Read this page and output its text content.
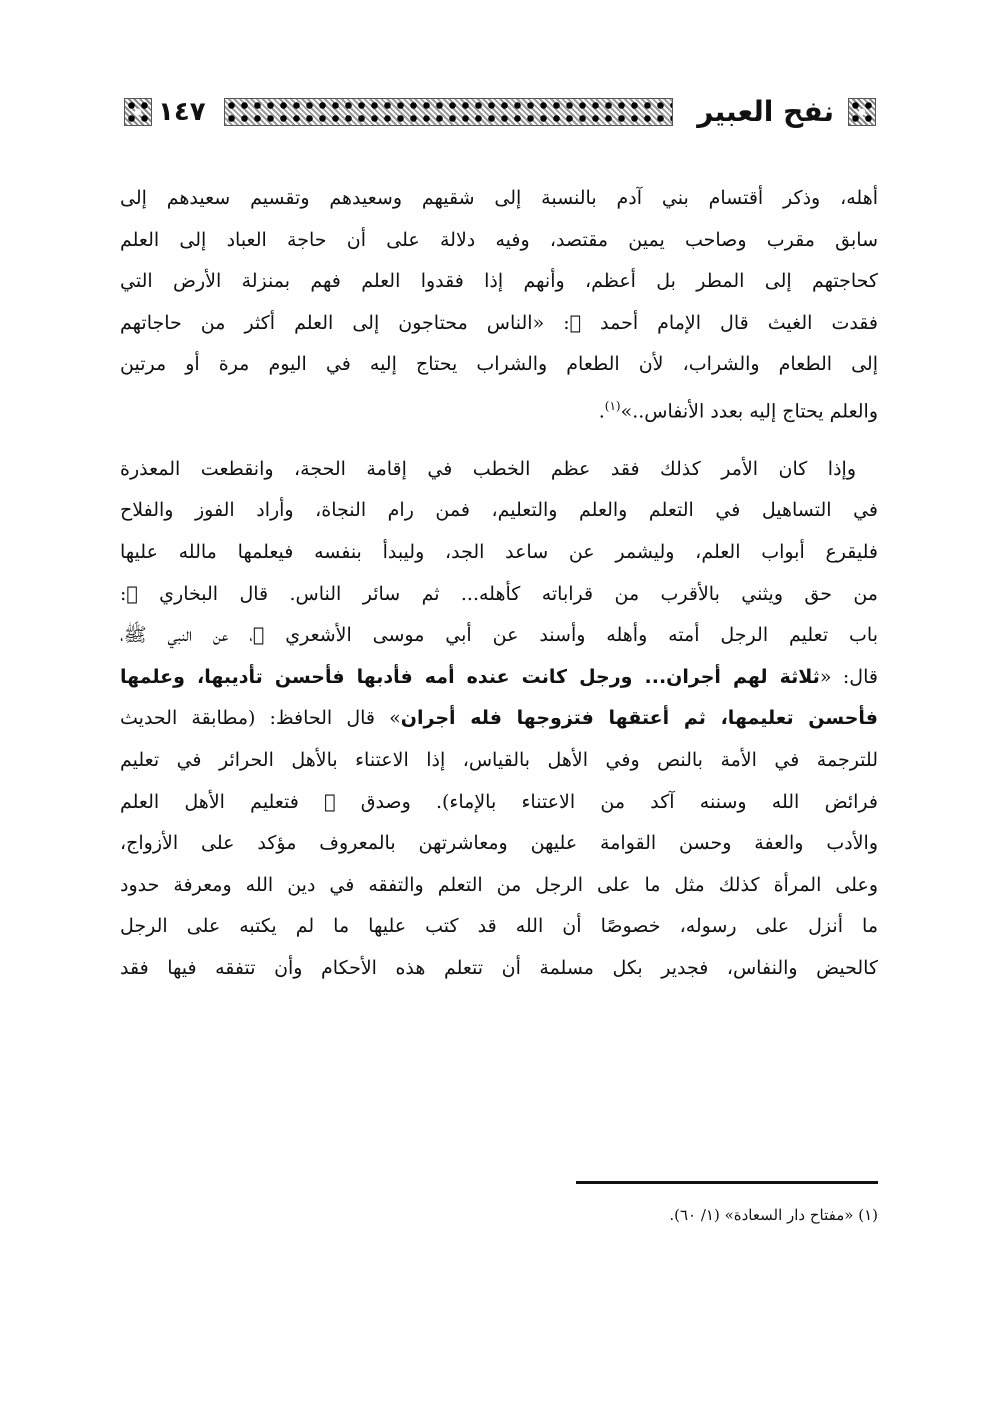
نفح العبير
١٤٧

أهله، وذكر أقتسام بني آدم بالنسبة إلى شقيهم وسعيدهم وتقسيم سعيدهم إلى
سابق مقرب وصاحب يمين مقتصد، وفيه دلالة على أن حاجة العباد إلى العلم
كحاجتهم إلى المطر بل أعظم، وأنهم إذا فقدوا العلم فهم بمنزلة الأرض التي
فقدت الغيث قال الإمام أحمد ﷬: «الناس محتاجون إلى العلم أكثر من حاجاتهم
إلى الطعام والشراب، لأن الطعام والشراب يحتاج إليه في اليوم مرة أو مرتين
والعلم يحتاج إليه بعدد الأنفاس..»$^{(١)}$.

وإذا كان الأمر كذلك فقد عظم الخطب في إقامة الحجة، وانقطعت المعذرة
في التساهيل في التعلم والعلم والتعليم، فمن رام النجاة، وأراد الفوز والفلاح
فليقرع أبواب العلم، وليشمر عن ساعد الجد، وليبدأ بنفسه فيعلمها مالله عليها
من حق ويثني بالأقرب من قراباته كأهله... ثم سائر الناس. قال البخاري ﷬:
باب تعليم الرجل أمته وأهله وأسند عن أبي موسى الأشعري ﷠، عن النبي ﷺ،
قال: «ثلاثة لهم أجران... ورجل كانت عنده أمه فأدبها فأحسن تأديبها، وعلمها
فأحسن تعليمها، ثم أعتقها فتزوجها فله أجران» قال الحافظ: (مطابقة الحديث
للترجمة في الأمة بالنص وفي الأهل بالقياس، إذا الاعتناء بالأهل الحرائر في تعليم
فرائض الله وسننه آكد من الاعتناء بالإماء). وصدق ﷬ فتعليم الأهل العلم
والأدب والعفة وحسن القوامة عليهن ومعاشرتهن بالمعروف مؤكد على الأزواج،
وعلى المرأة كذلك مثل ما على الرجل من التعلم والتفقه في دين الله ومعرفة حدود
ما أنزل على رسوله، خصوصًا أن الله قد كتب عليها ما لم يكتبه على الرجل
كالحيض والنفاس، فجدير بكل مسلمة أن تتعلم هذه الأحكام وأن تتفقه فيها فقد

(١) «مفتاح دار السعادة» (١/ ٦٠).
